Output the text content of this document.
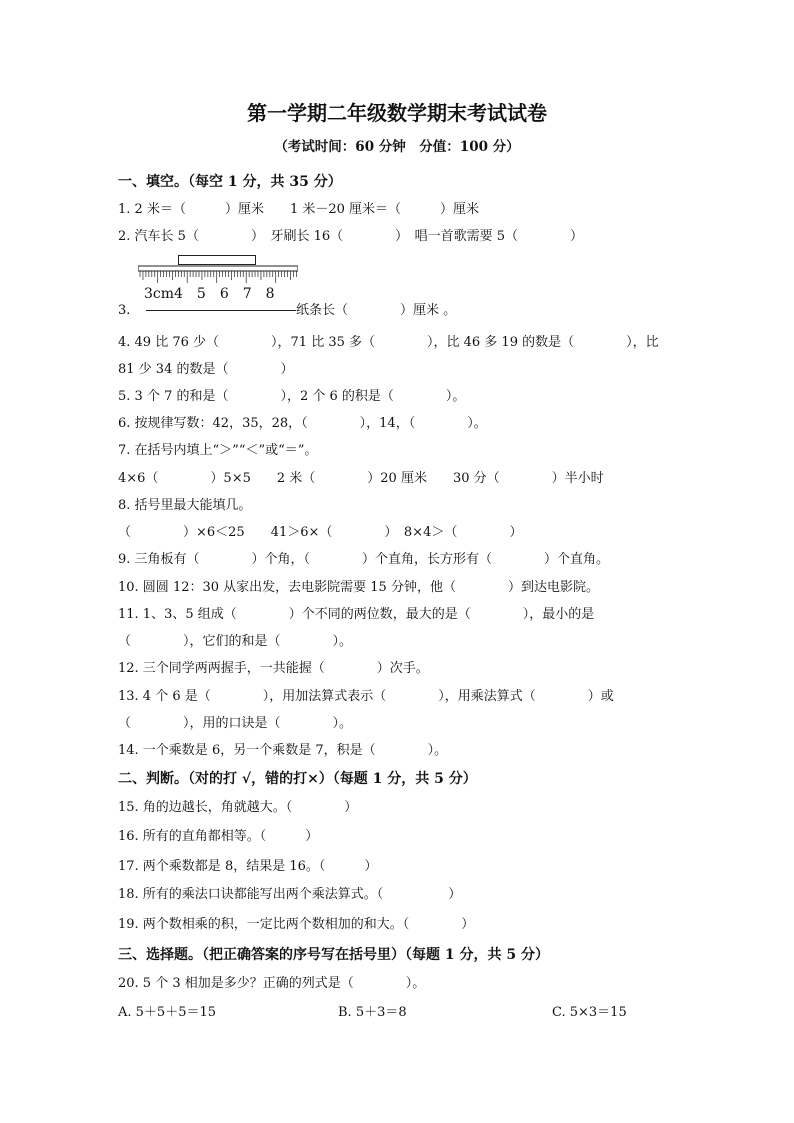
第一学期二年级数学期末考试试卷
（考试时间：60 分钟　分值：100 分）
一、填空。（每空 1 分，共 35 分）
1. 2 米＝（　　　）厘米　　1 米－20 厘米＝（　　　）厘米
2. 汽车长 5（　　　　）　牙刷长 16（　　　　）　唱一首歌需要 5（　　　　）
3cm4　5　6　7　8
3.	纸条长（　　　　）厘米 。
4. 49 比 76 少（　　　　），71 比 35 多（　　　　），比 46 多 19 的数是（　　　　），比
81 少 34 的数是（　　　　）
5. 3 个 7 的和是（　　　　），2 个 6 的积是（　　　　）。
6. 按规律写数：42，35，28，（　　　　），14，（　　　　）。
7. 在括号内填上“＞”“＜”或“＝”。
4×6（　　　　）5×5　　2 米（　　　　）20 厘米　　30 分（　　　　）半小时
8. 括号里最大能填几。
（　　　　）×6＜25　　41＞6×（　　　　）　8×4＞（　　　　）
9. 三角板有（　　　　）个角，（　　　　）个直角，长方形有（　　　　）个直角。
10. 圆圆 12：30 从家出发，去电影院需要 15 分钟，他（　　　　）到达电影院。
11. 1、3、5 组成（　　　　）个不同的两位数，最大的是（　　　　），最小的是
（　　　　），它们的和是（　　　　）。
12. 三个同学两两握手，一共能握（　　　　）次手。
13. 4 个 6 是（　　　　），用加法算式表示（　　　　），用乘法算式（　　　　）或
（　　　　），用的口诀是（　　　　）。
14. 一个乘数是 6，另一个乘数是 7，积是（　　　　）。
二、判断。（对的打 √，错的打×）（每题 1 分，共 5 分）
15. 角的边越长，角就越大。（　　　　）
16. 所有的直角都相等。（　　　）
17. 两个乘数都是 8，结果是 16。（　　　）
18. 所有的乘法口诀都能写出两个乘法算式。（　　　　　）
19. 两个数相乘的积，一定比两个数相加的和大。（　　　　）
三、选择题。（把正确答案的序号写在括号里）（每题 1 分，共 5 分）
20. 5 个 3 相加是多少？正确的列式是（　　　　）。
A. 5＋5＋5＝15	B. 5＋3＝8	C. 5×3＝15
